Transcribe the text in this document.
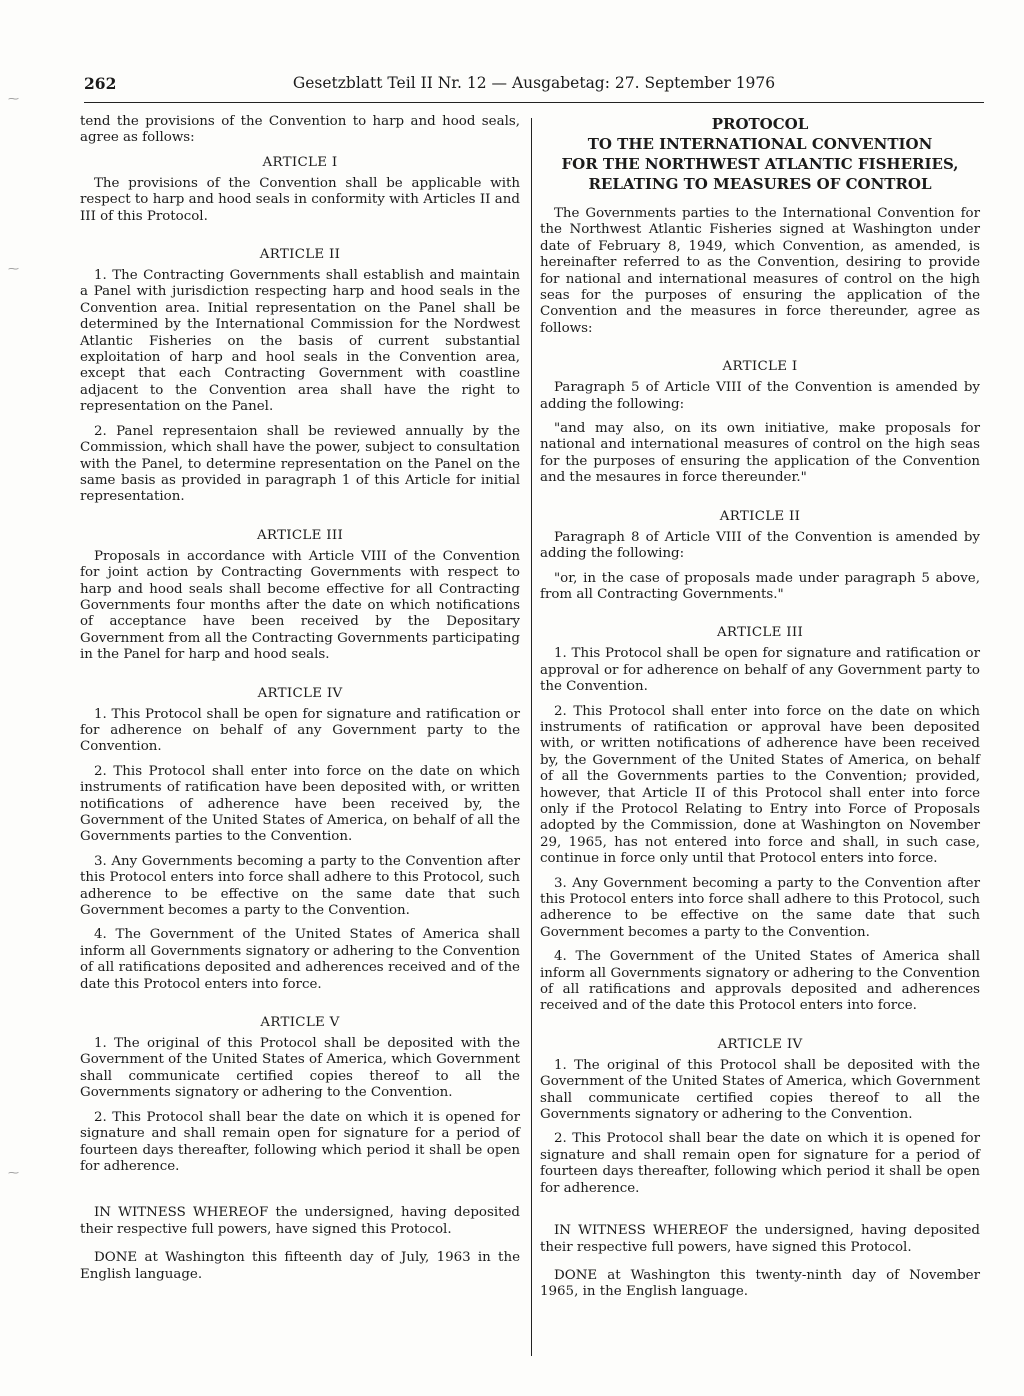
262	Gesetzblatt Teil II Nr. 12 — Ausgabetag: 27. September 1976
⁓
⁓
⁓

tend the provisions of the Convention to harp and hood seals, agree as follows:

ARTICLE I

The provisions of the Convention shall be applicable with respect to harp and hood seals in conformity with Articles II and III of this Protocol.

ARTICLE II

1. The Contracting Governments shall establish and maintain a Panel with jurisdiction respecting harp and hood seals in the Convention area. Initial representation on the Panel shall be determined by the International Commission for the Nordwest Atlantic Fisheries on the basis of current substantial exploitation of harp and hool seals in the Convention area, except that each Contracting Government with coastline adjacent to the Convention area shall have the right to representation on the Panel.

2. Panel representaion shall be reviewed annually by the Commission, which shall have the power, subject to consultation with the Panel, to determine representation on the Panel on the same basis as provided in paragraph 1 of this Article for initial representation.

ARTICLE III

Proposals in accordance with Article VIII of the Convention for joint action by Contracting Governments with respect to harp and hood seals shall become effective for all Contracting Governments four months after the date on which notifications of acceptance have been received by the Depositary Government from all the Contracting Governments participating in the Panel for harp and hood seals.

ARTICLE IV

1. This Protocol shall be open for signature and ratification or for adherence on behalf of any Government party to the Convention.

2. This Protocol shall enter into force on the date on which instruments of ratification have been deposited with, or written notifications of adherence have been received by, the Government of the United States of America, on behalf of all the Governments parties to the Convention.

3. Any Governments becoming a party to the Convention after this Protocol enters into force shall adhere to this Protocol, such adherence to be effective on the same date that such Government becomes a party to the Convention.

4. The Government of the United States of America shall inform all Governments signatory or adhering to the Convention of all ratifications deposited and adherences received and of the date this Protocol enters into force.

ARTICLE V

1. The original of this Protocol shall be deposited with the Government of the United States of America, which Government shall communicate certified copies thereof to all the Governments signatory or adhering to the Convention.

2. This Protocol shall bear the date on which it is opened for signature and shall remain open for signature for a period of fourteen days thereafter, following which period it shall be open for adherence.

IN WITNESS WHEREOF the undersigned, having deposited their respective full powers, have signed this Protocol.

DONE at Washington this fifteenth day of July, 1963 in the English language.

PROTOCOL
TO THE INTERNATIONAL CONVENTION
FOR THE NORTHWEST ATLANTIC FISHERIES,
RELATING TO MEASURES OF CONTROL

The Governments parties to the International Convention for the Northwest Atlantic Fisheries signed at Washington under date of February 8, 1949, which Convention, as amended, is hereinafter referred to as the Convention, desiring to provide for national and international measures of control on the high seas for the purposes of ensuring the application of the Convention and the measures in force thereunder, agree as follows:

ARTICLE I

Paragraph 5 of Article VIII of the Convention is amended by adding the following:

"and may also, on its own initiative, make proposals for national and international measures of control on the high seas for the purposes of ensuring the application of the Convention and the mesaures in force thereunder."

ARTICLE II

Paragraph 8 of Article VIII of the Convention is amended by adding the following:

"or, in the case of proposals made under paragraph 5 above, from all Contracting Governments."

ARTICLE III

1. This Protocol shall be open for signature and ratification or approval or for adherence on behalf of any Government party to the Convention.

2. This Protocol shall enter into force on the date on which instruments of ratification or approval have been deposited with, or written notifications of adherence have been received by, the Government of the United States of America, on behalf of all the Governments parties to the Convention; provided, however, that Article II of this Protocol shall enter into force only if the Protocol Relating to Entry into Force of Proposals adopted by the Commission, done at Washington on November 29, 1965, has not entered into force and shall, in such case, continue in force only until that Protocol enters into force.

3. Any Government becoming a party to the Convention after this Protocol enters into force shall adhere to this Protocol, such adherence to be effective on the same date that such Government becomes a party to the Convention.

4. The Government of the United States of America shall inform all Governments signatory or adhering to the Convention of all ratifications and approvals deposited and adherences received and of the date this Protocol enters into force.

ARTICLE IV

1. The original of this Protocol shall be deposited with the Government of the United States of America, which Government shall communicate certified copies thereof to all the Governments signatory or adhering to the Convention.

2. This Protocol shall bear the date on which it is opened for signature and shall remain open for signature for a period of fourteen days thereafter, following which period it shall be open for adherence.

IN WITNESS WHEREOF the undersigned, having deposited their respective full powers, have signed this Protocol.

DONE at Washington this twenty-ninth day of November 1965, in the English language.
